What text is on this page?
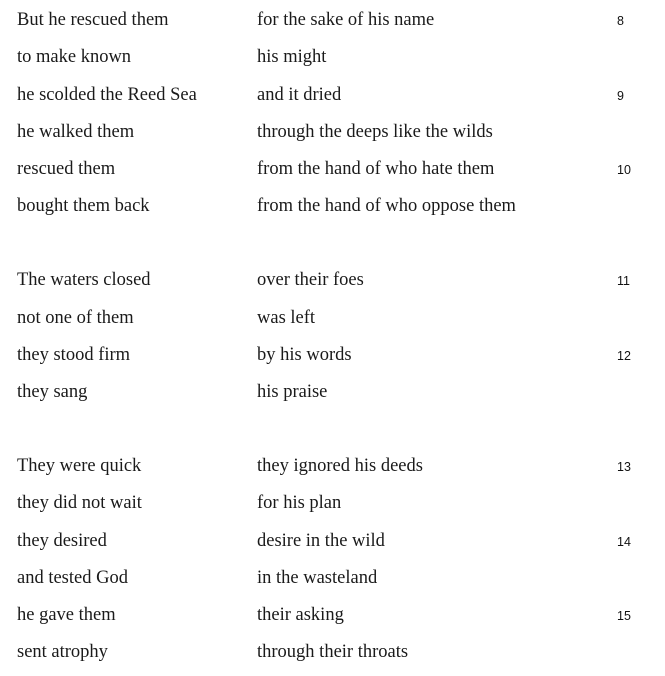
But he rescued them	for the sake of his name	8
to make known	his might
he scolded the Reed Sea	and it dried	9
he walked them	through the deeps like the wilds
rescued them	from the hand of who hate them	10
bought them back	from the hand of who oppose them
The waters closed	over their foes	11
not one of them	was left
they stood firm	by his words	12
they sang	his praise
They were quick	they ignored his deeds	13
they did not wait	for his plan
they desired	desire in the wild	14
and tested God	in the wasteland
he gave them	their asking	15
sent atrophy	through their throats
